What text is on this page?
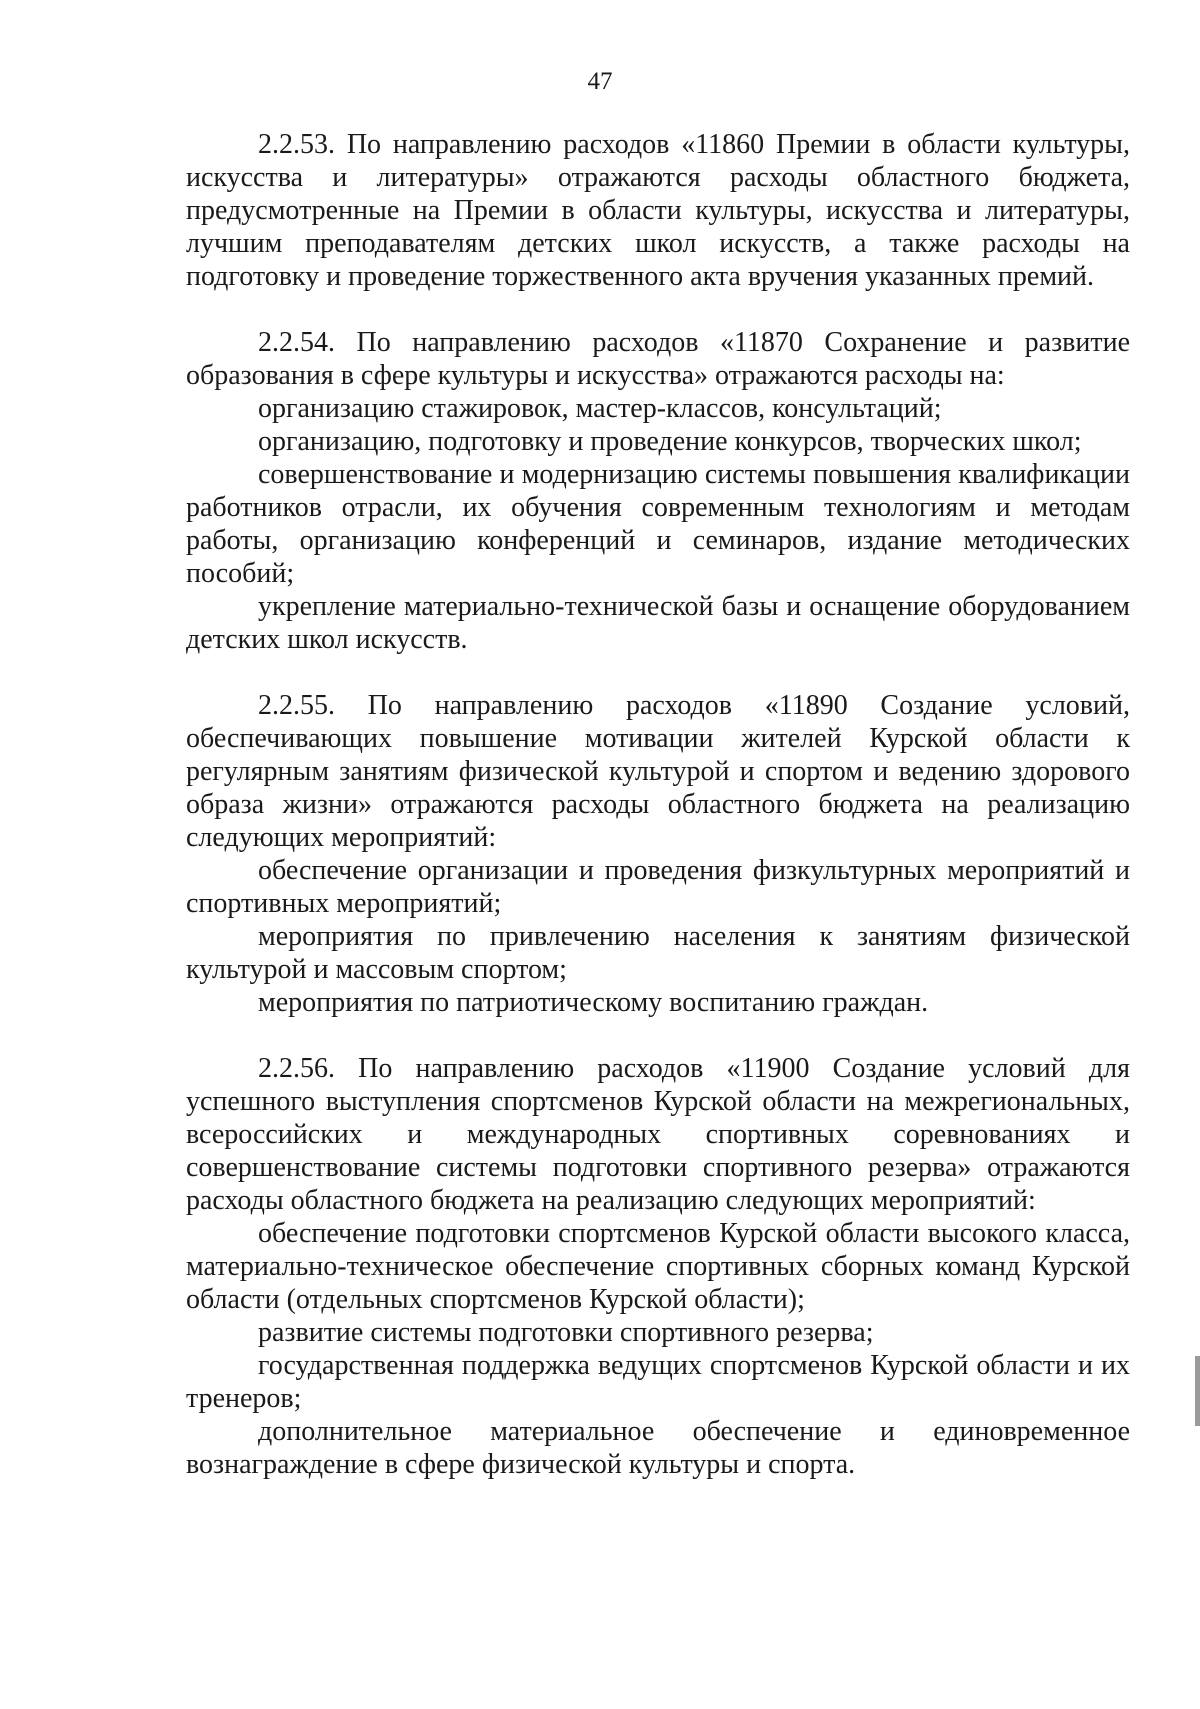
47

2.2.53. По направлению расходов «11860 Премии в области культуры, искусства и литературы» отражаются расходы областного бюджета, предусмотренные на Премии в области культуры, искусства и литературы, лучшим преподавателям детских школ искусств, а также расходы на подготовку и проведение торжественного акта вручения указанных премий.

2.2.54. По направлению расходов «11870 Сохранение и развитие образования в сфере культуры и искусства» отражаются расходы на:

организацию стажировок, мастер-классов, консультаций;

организацию, подготовку и проведение конкурсов, творческих школ;

совершенствование и модернизацию системы повышения квалификации работников отрасли, их обучения современным технологиям и методам работы, организацию конференций и семинаров, издание методических пособий;

укрепление материально-технической базы и оснащение оборудованием детских школ искусств.

2.2.55. По направлению расходов «11890 Создание условий, обеспечивающих повышение мотивации жителей Курской области к регулярным занятиям физической культурой и спортом и ведению здорового образа жизни» отражаются расходы областного бюджета на реализацию следующих мероприятий:

обеспечение организации и проведения физкультурных мероприятий и спортивных мероприятий;

мероприятия по привлечению населения к занятиям физической культурой и массовым спортом;

мероприятия по патриотическому воспитанию граждан.

2.2.56. По направлению расходов «11900 Создание условий для успешного выступления спортсменов Курской области на межрегиональных, всероссийских и международных спортивных соревнованиях и совершенствование системы подготовки спортивного резерва» отражаются расходы областного бюджета на реализацию следующих мероприятий:

обеспечение подготовки спортсменов Курской области высокого класса, материально-техническое обеспечение спортивных сборных команд Курской области (отдельных спортсменов Курской области);

развитие системы подготовки спортивного резерва;

государственная поддержка ведущих спортсменов Курской области и их тренеров;

дополнительное материальное обеспечение и единовременное вознаграждение в сфере физической культуры и спорта.
